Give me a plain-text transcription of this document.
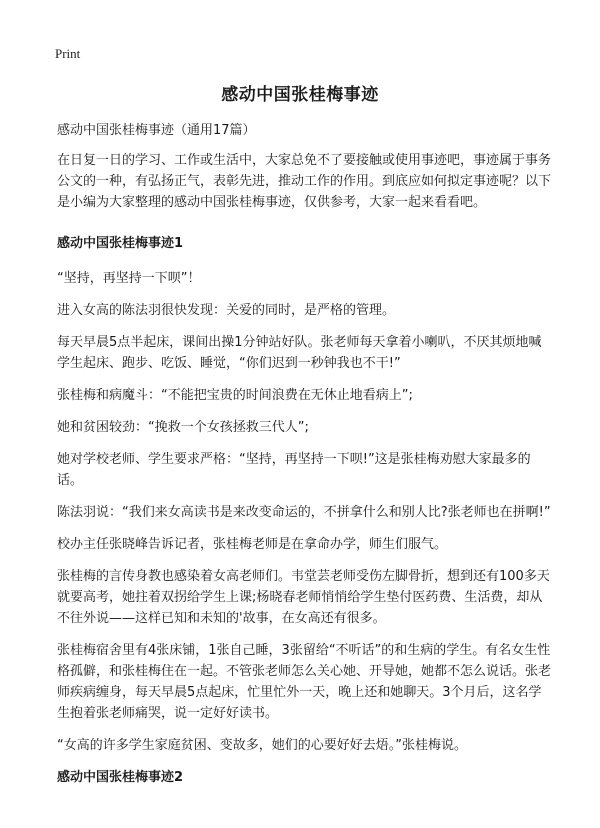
Print
感动中国张桂梅事迹

感动中国张桂梅事迹（通用17篇）

在日复一日的学习、工作或生活中，大家总免不了要接触或使用事迹吧，事迹属于事务公文的一种，有弘扬正气，表彰先进，推动工作的作用。到底应如何拟定事迹呢？以下是小编为大家整理的感动中国张桂梅事迹，仅供参考，大家一起来看看吧。

感动中国张桂梅事迹1

“坚持，再坚持一下呗”！

进入女高的陈法羽很快发现：关爱的同时，是严格的管理。

每天早晨5点半起床，课间出操1分钟站好队。张老师每天拿着小喇叭，不厌其烦地喊学生起床、跑步、吃饭、睡觉，“你们迟到一秒钟我也不干!”

张桂梅和病魔斗：“不能把宝贵的时间浪费在无休止地看病上”;

她和贫困较劲：“挽救一个女孩拯救三代人”;

她对学校老师、学生要求严格：“坚持，再坚持一下呗!”这是张桂梅劝慰大家最多的话。

陈法羽说：“我们来女高读书是来改变命运的，不拼拿什么和别人比?张老师也在拼啊!”

校办主任张晓峰告诉记者，张桂梅老师是在拿命办学，师生们服气。

张桂梅的言传身教也感染着女高老师们。韦堂芸老师受伤左脚骨折，想到还有100多天就要高考，她拄着双拐给学生上课;杨晓春老师悄悄给学生垫付医药费、生活费，却从不往外说——这样已知和未知的'故事，在女高还有很多。

张桂梅宿舍里有4张床铺，1张自己睡，3张留给“不听话”的和生病的学生。有名女生性格孤僻，和张桂梅住在一起。不管张老师怎么关心她、开导她，她都不怎么说话。张老师疾病缠身，每天早晨5点起床，忙里忙外一天，晚上还和她聊天。3个月后，这名学生抱着张老师痛哭，说一定好好读书。

“女高的许多学生家庭贫困、变故多，她们的心要好好去焐。”张桂梅说。

感动中国张桂梅事迹2
